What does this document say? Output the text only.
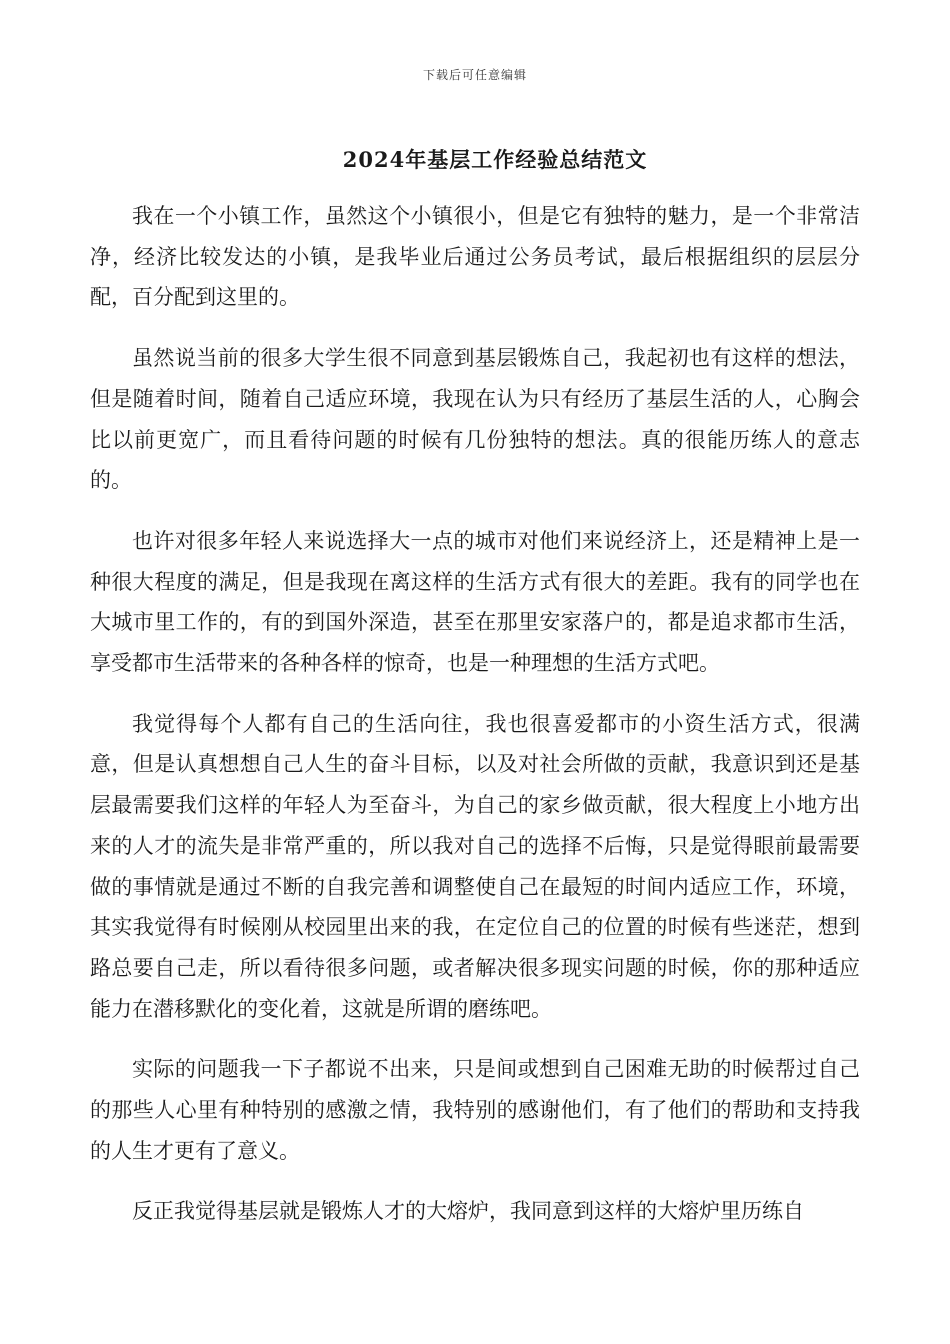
下载后可任意编辑
2024年基层工作经验总结范文

我在一个小镇工作，虽然这个小镇很小，但是它有独特的魅力，是一个非常洁净，经济比较发达的小镇，是我毕业后通过公务员考试，最后根据组织的层层分配，百分配到这里的。

虽然说当前的很多大学生很不同意到基层锻炼自己，我起初也有这样的想法，但是随着时间，随着自己适应环境，我现在认为只有经历了基层生活的人，心胸会比以前更宽广，而且看待问题的时候有几份独特的想法。真的很能历练人的意志的。

也许对很多年轻人来说选择大一点的城市对他们来说经济上，还是精神上是一种很大程度的满足，但是我现在离这样的生活方式有很大的差距。我有的同学也在大城市里工作的，有的到国外深造，甚至在那里安家落户的，都是追求都市生活，享受都市生活带来的各种各样的惊奇，也是一种理想的生活方式吧。

我觉得每个人都有自己的生活向往，我也很喜爱都市的小资生活方式，很满意，但是认真想想自己人生的奋斗目标，以及对社会所做的贡献，我意识到还是基层最需要我们这样的年轻人为至奋斗，为自己的家乡做贡献，很大程度上小地方出来的人才的流失是非常严重的，所以我对自己的选择不后悔，只是觉得眼前最需要做的事情就是通过不断的自我完善和调整使自己在最短的时间内适应工作，环境，其实我觉得有时候刚从校园里出来的我，在定位自己的位置的时候有些迷茫，想到路总要自己走，所以看待很多问题，或者解决很多现实问题的时候，你的那种适应能力在潜移默化的变化着，这就是所谓的磨练吧。

实际的问题我一下子都说不出来，只是间或想到自己困难无助的时候帮过自己的那些人心里有种特别的感激之情，我特别的感谢他们，有了他们的帮助和支持我的人生才更有了意义。

反正我觉得基层就是锻炼人才的大熔炉，我同意到这样的大熔炉里历练自
